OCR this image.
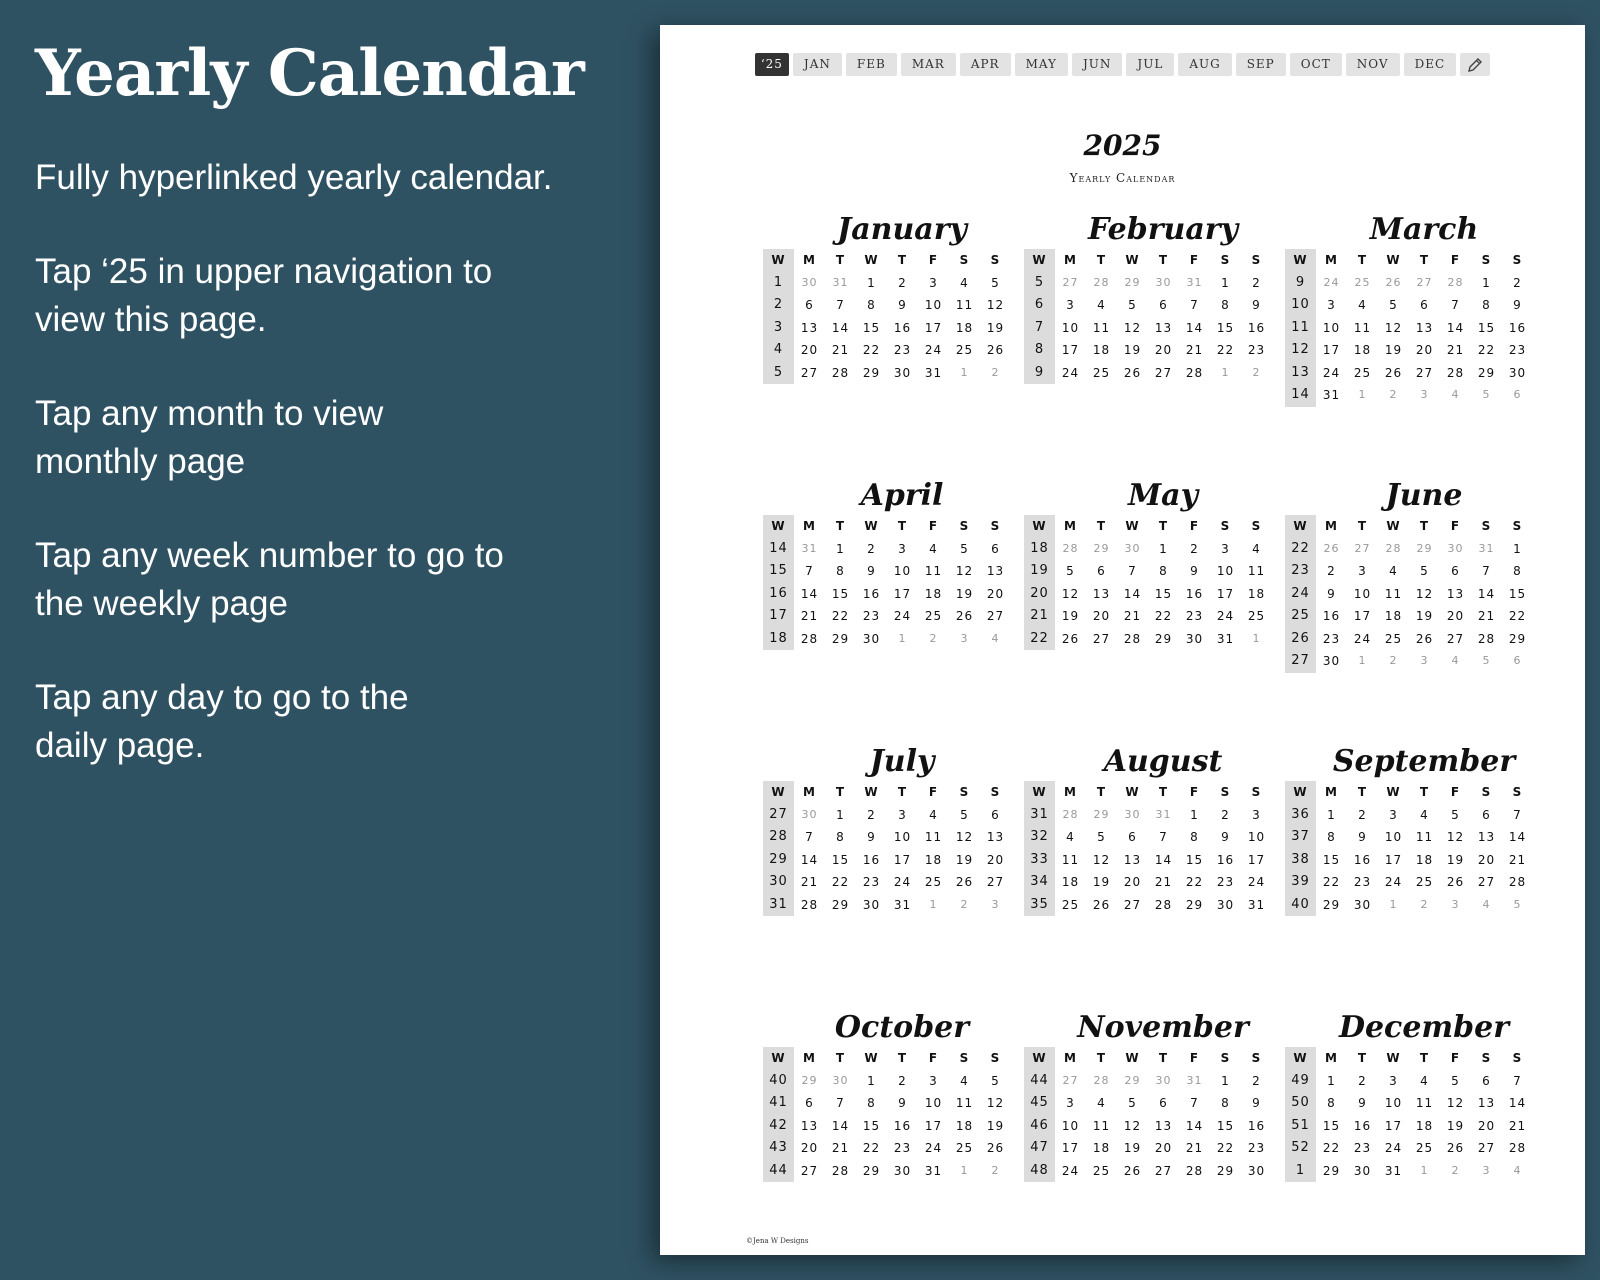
Yearly Calendar

Fully hyperlinked yearly calendar.

Tap ‘25 in upper navigation to
view this page.

Tap any month to view
monthly page

Tap any week number to go to
the weekly page

Tap any day to go to the
daily page.

‘25	JAN	FEB	MAR	APR	MAY	JUN	JUL	AUG	SEP	OCT	NOV	DEC
2025
Yearly Calendar
January
W	M	T	W	T	F	S	S
1	30	31	1	2	3	4	5
2	6	7	8	9	10	11	12
3	13	14	15	16	17	18	19
4	20	21	22	23	24	25	26
5	27	28	29	30	31	1	2
February
W	M	T	W	T	F	S	S
5	27	28	29	30	31	1	2
6	3	4	5	6	7	8	9
7	10	11	12	13	14	15	16
8	17	18	19	20	21	22	23
9	24	25	26	27	28	1	2
March
W	M	T	W	T	F	S	S
9	24	25	26	27	28	1	2
10	3	4	5	6	7	8	9
11	10	11	12	13	14	15	16
12	17	18	19	20	21	22	23
13	24	25	26	27	28	29	30
14	31	1	2	3	4	5	6
April
W	M	T	W	T	F	S	S
14	31	1	2	3	4	5	6
15	7	8	9	10	11	12	13
16	14	15	16	17	18	19	20
17	21	22	23	24	25	26	27
18	28	29	30	1	2	3	4
May
W	M	T	W	T	F	S	S
18	28	29	30	1	2	3	4
19	5	6	7	8	9	10	11
20	12	13	14	15	16	17	18
21	19	20	21	22	23	24	25
22	26	27	28	29	30	31	1
June
W	M	T	W	T	F	S	S
22	26	27	28	29	30	31	1
23	2	3	4	5	6	7	8
24	9	10	11	12	13	14	15
25	16	17	18	19	20	21	22
26	23	24	25	26	27	28	29
27	30	1	2	3	4	5	6
July
W	M	T	W	T	F	S	S
27	30	1	2	3	4	5	6
28	7	8	9	10	11	12	13
29	14	15	16	17	18	19	20
30	21	22	23	24	25	26	27
31	28	29	30	31	1	2	3
August
W	M	T	W	T	F	S	S
31	28	29	30	31	1	2	3
32	4	5	6	7	8	9	10
33	11	12	13	14	15	16	17
34	18	19	20	21	22	23	24
35	25	26	27	28	29	30	31
September
W	M	T	W	T	F	S	S
36	1	2	3	4	5	6	7
37	8	9	10	11	12	13	14
38	15	16	17	18	19	20	21
39	22	23	24	25	26	27	28
40	29	30	1	2	3	4	5
October
W	M	T	W	T	F	S	S
40	29	30	1	2	3	4	5
41	6	7	8	9	10	11	12
42	13	14	15	16	17	18	19
43	20	21	22	23	24	25	26
44	27	28	29	30	31	1	2
November
W	M	T	W	T	F	S	S
44	27	28	29	30	31	1	2
45	3	4	5	6	7	8	9
46	10	11	12	13	14	15	16
47	17	18	19	20	21	22	23
48	24	25	26	27	28	29	30
December
W	M	T	W	T	F	S	S
49	1	2	3	4	5	6	7
50	8	9	10	11	12	13	14
51	15	16	17	18	19	20	21
52	22	23	24	25	26	27	28
1	29	30	31	1	2	3	4
©Jena W Designs
